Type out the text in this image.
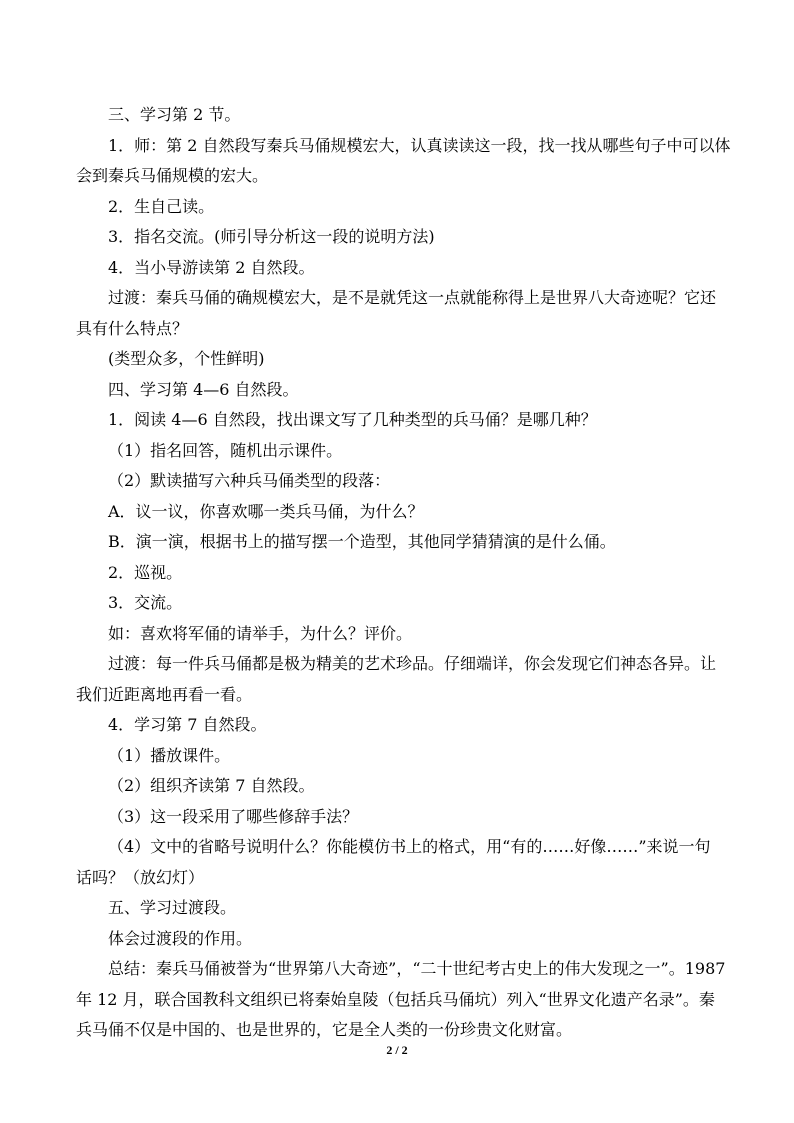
三、学习第 2 节。

1．师：第 2 自然段写秦兵马俑规模宏大，认真读读这一段，找一找从哪些句子中可以体

会到秦兵马俑规模的宏大。

2．生自己读。

3．指名交流。(师引导分析这一段的说明方法)

4．当小导游读第 2 自然段。

过渡：秦兵马俑的确规模宏大，是不是就凭这一点就能称得上是世界八大奇迹呢？它还

具有什么特点？

(类型众多，个性鲜明)

四、学习第 4—6 自然段。

1．阅读 4—6 自然段，找出课文写了几种类型的兵马俑？是哪几种？

（1）指名回答，随机出示课件。

（2）默读描写六种兵马俑类型的段落：

A．议一议，你喜欢哪一类兵马俑，为什么？

B．演一演，根据书上的描写摆一个造型，其他同学猜猜演的是什么俑。

2．巡视。

3．交流。

如：喜欢将军俑的请举手，为什么？评价。

过渡：每一件兵马俑都是极为精美的艺术珍品。仔细端详，你会发现它们神态各异。让

我们近距离地再看一看。

4．学习第 7 自然段。

（1）播放课件。

（2）组织齐读第 7 自然段。

（3）这一段采用了哪些修辞手法？

（4）文中的省略号说明什么？你能模仿书上的格式，用“有的……好像……”来说一句

话吗？（放幻灯）

五、学习过渡段。

体会过渡段的作用。

总结：秦兵马俑被誉为“世界第八大奇迹”，“二十世纪考古史上的伟大发现之一”。1987

年 12 月，联合国教科文组织已将秦始皇陵（包括兵马俑坑）列入“世界文化遗产名录”。秦

兵马俑不仅是中国的、也是世界的，它是全人类的一份珍贵文化财富。

2 / 2
